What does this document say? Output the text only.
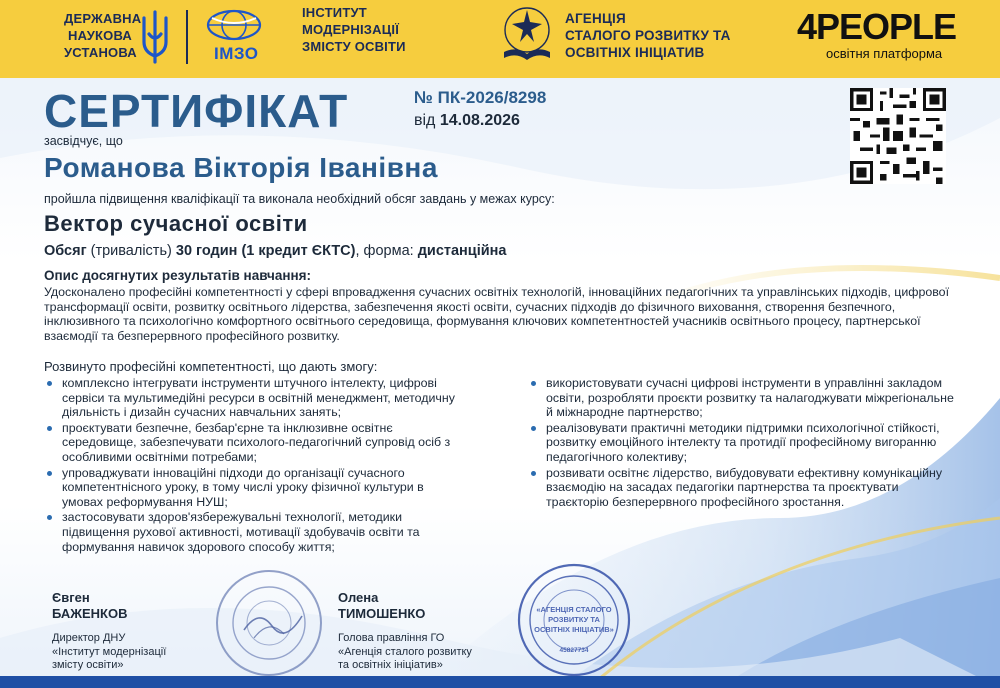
ДЕРЖАВНА
НАУКОВА
УСТАНОВА	ІМЗО
ІНСТИТУТ
МОДЕРНІЗАЦІЇ
ЗМІСТУ ОСВІТИ
АГЕНЦІЯ
СТАЛОГО РОЗВИТКУ ТА
ОСВІТНІХ ІНІЦІАТИВ
4PEOPLE
освітня платформа
СЕРТИФІКАТ	№ ПК-2026/8298
від 14.08.2026
засвідчує, що
Романова Вікторія Іванівна
пройшла підвищення кваліфікації та виконала необхідний обсяг завдань у межах курсу:
Вектор сучасної освіти
Обсяг (тривалість) 30 годин (1 кредит ЄКТС), форма: дистанційна
Опис досягнутих результатів навчання:
Удосконалено професійні компетентності у сфері впровадження сучасних освітніх технологій, інноваційних педагогічних та управлінських підходів, цифрової трансформації освіти, розвитку освітнього лідерства, забезпечення якості освіти, сучасних підходів до фізичного виховання, створення безпечного, інклюзивного та психологічно комфортного освітнього середовища, формування ключових компетентностей учасників освітнього процесу, партнерської взаємодії та безперервного професійного розвитку.
Розвинуто професійні компетентності, що дають змогу:
комплексно інтегрувати інструменти штучного інтелекту, цифрові сервіси та мультимедійні ресурси в освітній менеджмент, методичну діяльність і дизайн сучасних навчальних занять;
проєктувати безпечне, безбар'єрне та інклюзивне освітнє середовище, забезпечувати психолого-педагогічний супровід осіб з особливими освітніми потребами;
упроваджувати інноваційні підходи до організації сучасного компетентнісного уроку, в тому числі уроку фізичної культури в умовах реформування НУШ;
застосовувати здоров'язбережувальні технології, методики підвищення рухової активності, мотивації здобувачів освіти та формування навичок здорового способу життя;
використовувати сучасні цифрові інструменти в управлінні закладом освіти, розробляти проєкти розвитку та налагоджувати міжрегіональне й міжнародне партнерство;
реалізовувати практичні методики підтримки психологічної стійкості, розвитку емоційного інтелекту та протидії професійному вигоранню педагогічного колективу;
розвивати освітнє лідерство, вибудовувати ефективну комунікаційну взаємодію на засадах педагогіки партнерства та проєктувати траєкторію безперервного професійного зростання.
Євген
БАЖЕНКОВ
Директор ДНУ
«Інститут модернізації
змісту освіти»
Олена
ТИМОШЕНКО
Голова правління ГО
«Агенція сталого розвитку
та освітніх ініціатив»
«АГЕНЦІЯ СТАЛОГО
РОЗВИТКУ ТА
ОСВІТНІХ ІНІЦІАТИВ»
45827734
